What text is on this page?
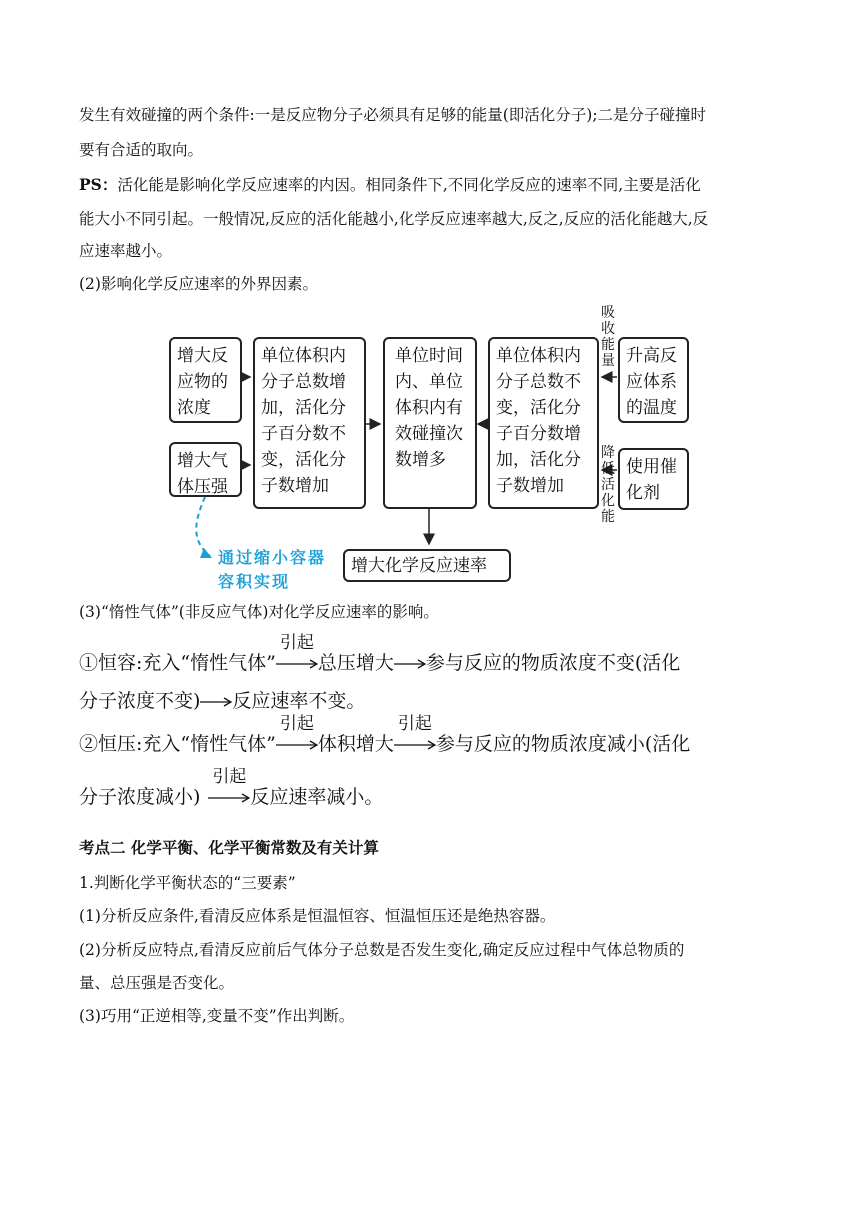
发生有效碰撞的两个条件:一是反应物分子必须具有足够的能量(即活化分子);二是分子碰撞时
要有合适的取向。
PS：活化能是影响化学反应速率的内因。相同条件下,不同化学反应的速率不同,主要是活化
能大小不同引起。一般情况,反应的活化能越小,化学反应速率越大,反之,反应的活化能越大,反
应速率越小。
(2)影响化学反应速率的外界因素。
增大反应物的浓度
增大气体压强
单位体积内分子总数增加，活化分子百分数不变，活化分子数增加
单位时间内、单位体积内有效碰撞次数增多
单位体积内分子总数不变，活化分子百分数增加，活化分子数增加
升高反应体系的温度
使用催化剂
吸收能量
降低活化能
增大化学反应速率
通过缩小容器容积实现
(3)“惰性气体”(非反应气体)对化学反应速率的影响。
①恒容:充入“惰性气体”
引起
总压增大 参与反应的物质浓度不变(活化
分子浓度不变) 反应速率不变。
②恒压:充入“惰性气体”
引起
体积增大
引起
参与反应的物质浓度减小(活化
分子浓度减小)
引起
反应速率减小。
考点二 化学平衡、化学平衡常数及有关计算
1.判断化学平衡状态的“三要素”
(1)分析反应条件,看清反应体系是恒温恒容、恒温恒压还是绝热容器。
(2)分析反应特点,看清反应前后气体分子总数是否发生变化,确定反应过程中气体总物质的
量、总压强是否变化。
(3)巧用“正逆相等,变量不变”作出判断。
